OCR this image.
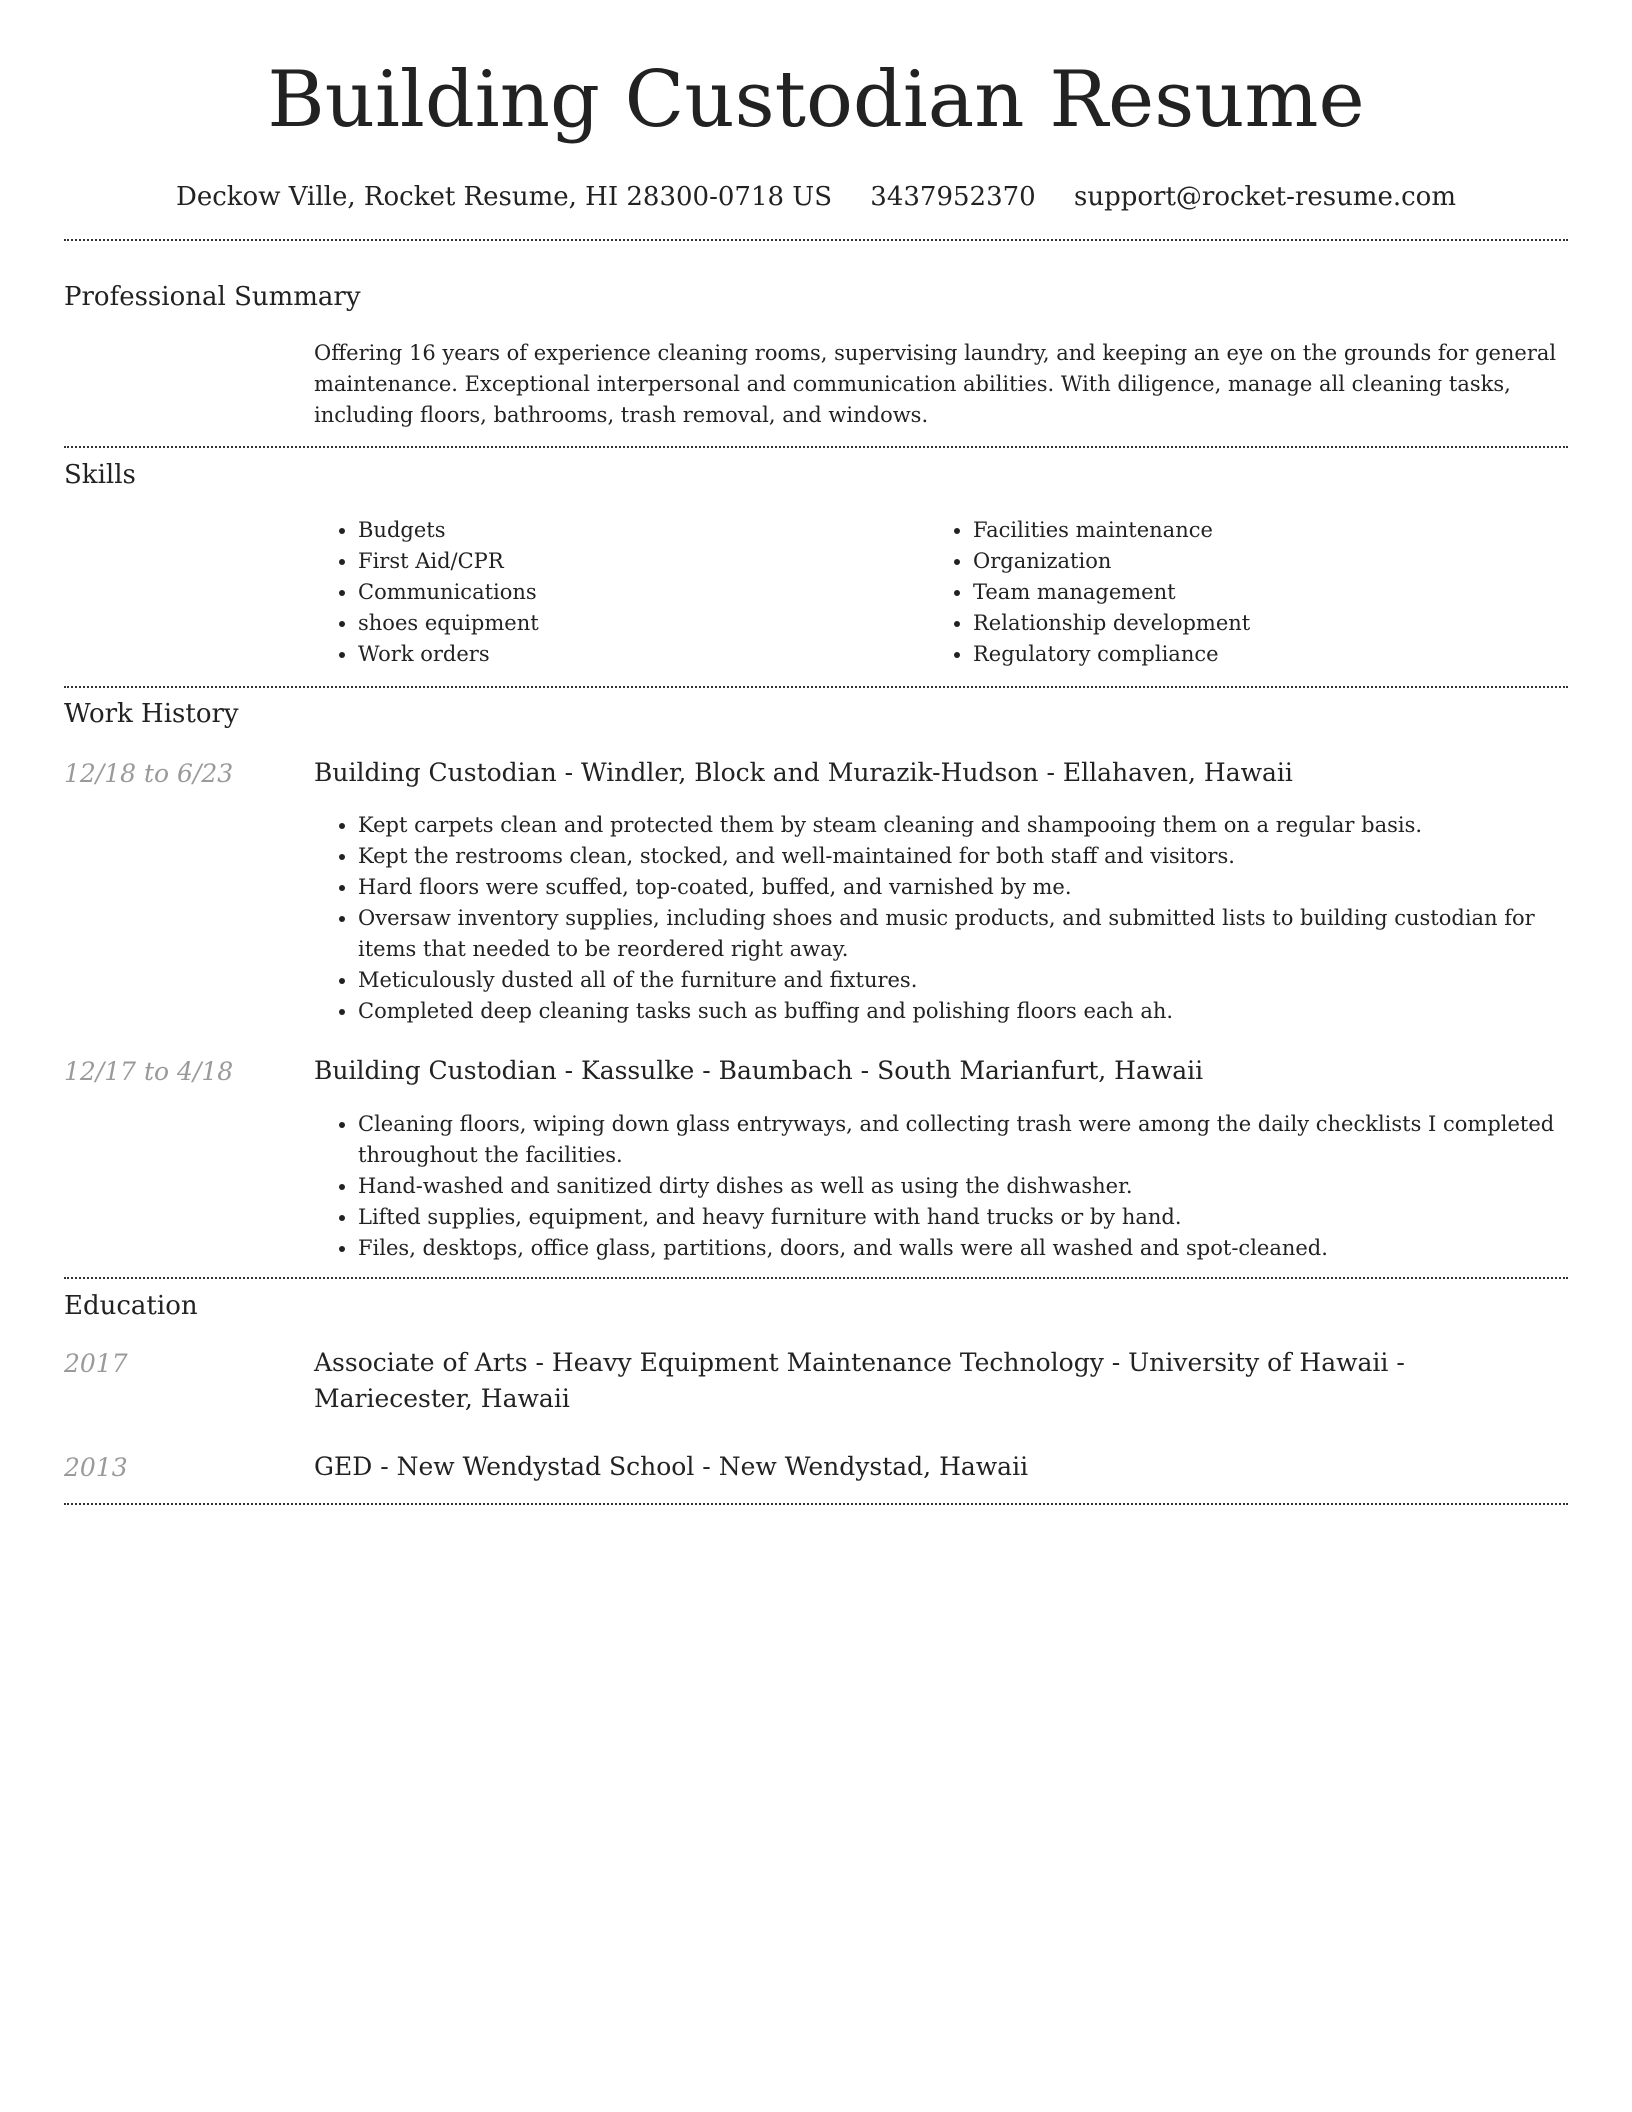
Building Custodian Resume
Deckow Ville, Rocket Resume, HI 28300-0718 US 3437952370 support@rocket-resume.com
Professional Summary
Offering 16 years of experience cleaning rooms, supervising laundry, and keeping an eye on the grounds for general maintenance. Exceptional interpersonal and communication abilities. With diligence, manage all cleaning tasks, including floors, bathrooms, trash removal, and windows.
Skills
• Budgets
• First Aid/CPR
• Communications
• shoes equipment
• Work orders
• Facilities maintenance
• Organization
• Team management
• Relationship development
• Regulatory compliance
Work History
12/18 to 6/23	Building Custodian - Windler, Block and Murazik-Hudson - Ellahaven, Hawaii
• Kept carpets clean and protected them by steam cleaning and shampooing them on a regular basis.
• Kept the restrooms clean, stocked, and well-maintained for both staff and visitors.
• Hard floors were scuffed, top-coated, buffed, and varnished by me.
• Oversaw inventory supplies, including shoes and music products, and submitted lists to building custodian for items that needed to be reordered right away.
• Meticulously dusted all of the furniture and fixtures.
• Completed deep cleaning tasks such as buffing and polishing floors each ah.
12/17 to 4/18	Building Custodian - Kassulke - Baumbach - South Marianfurt, Hawaii
• Cleaning floors, wiping down glass entryways, and collecting trash were among the daily checklists I completed throughout the facilities.
• Hand-washed and sanitized dirty dishes as well as using the dishwasher.
• Lifted supplies, equipment, and heavy furniture with hand trucks or by hand.
• Files, desktops, office glass, partitions, doors, and walls were all washed and spot-cleaned.
Education
2017	Associate of Arts - Heavy Equipment Maintenance Technology - University of Hawaii - Mariecester, Hawaii
2013	GED - New Wendystad School - New Wendystad, Hawaii
